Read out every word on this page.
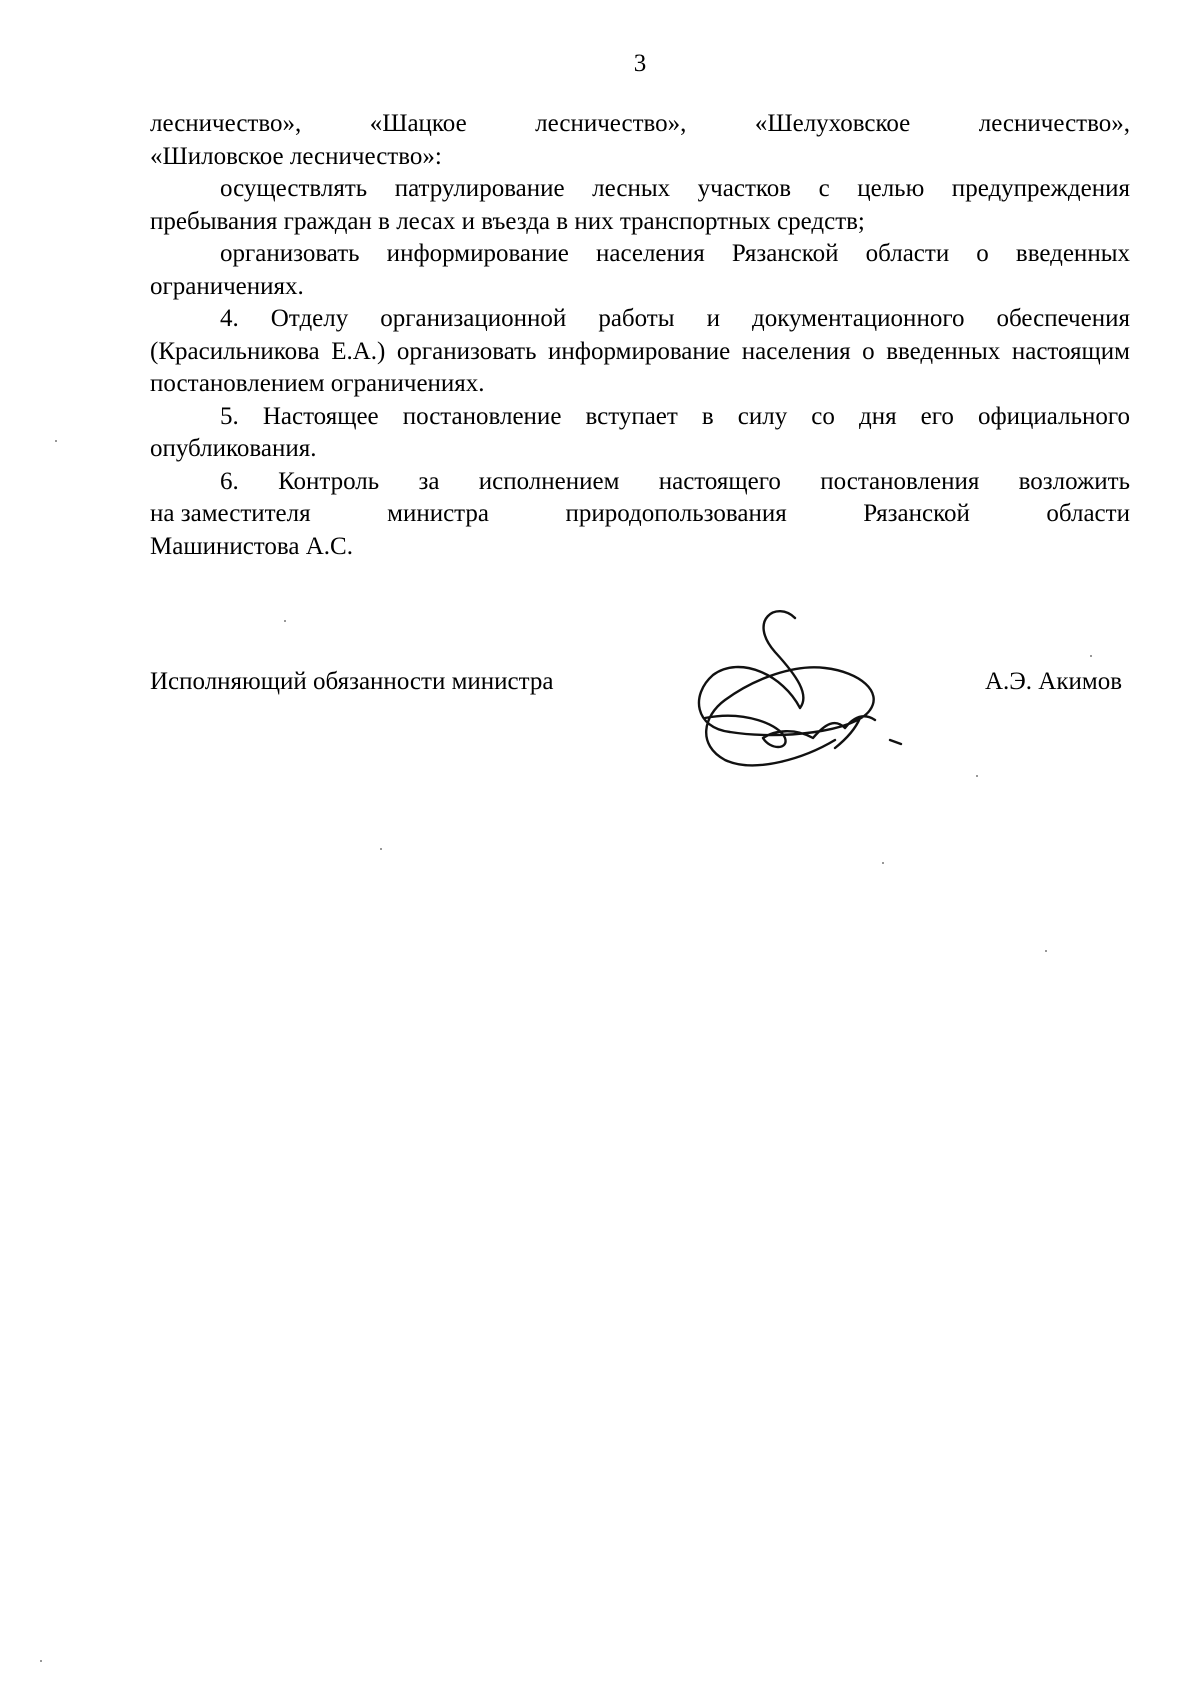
3
лесничество»,	«Шацкое	лесничество»,	«Шелуховское	лесничество»,

«Шиловское лесничество»:

осуществлять патрулирование лесных участков с целью предупреждения пребывания граждан в лесах и въезда в них транспортных средств;

организовать информирование населения Рязанской области о введенных ограничениях.

4. Отделу организационной работы и документационного обеспечения (Красильникова Е.А.) организовать информирование населения о введенных настоящим постановлением ограничениях.

5. Настоящее постановление вступает в силу со дня его официального опубликования.

6. Контроль за исполнением настоящего постановления возложить

на заместителя	министра	природопользования	Рязанской	области

Машинистова А.С.

Исполняющий обязанности министра	А.Э. Акимов
